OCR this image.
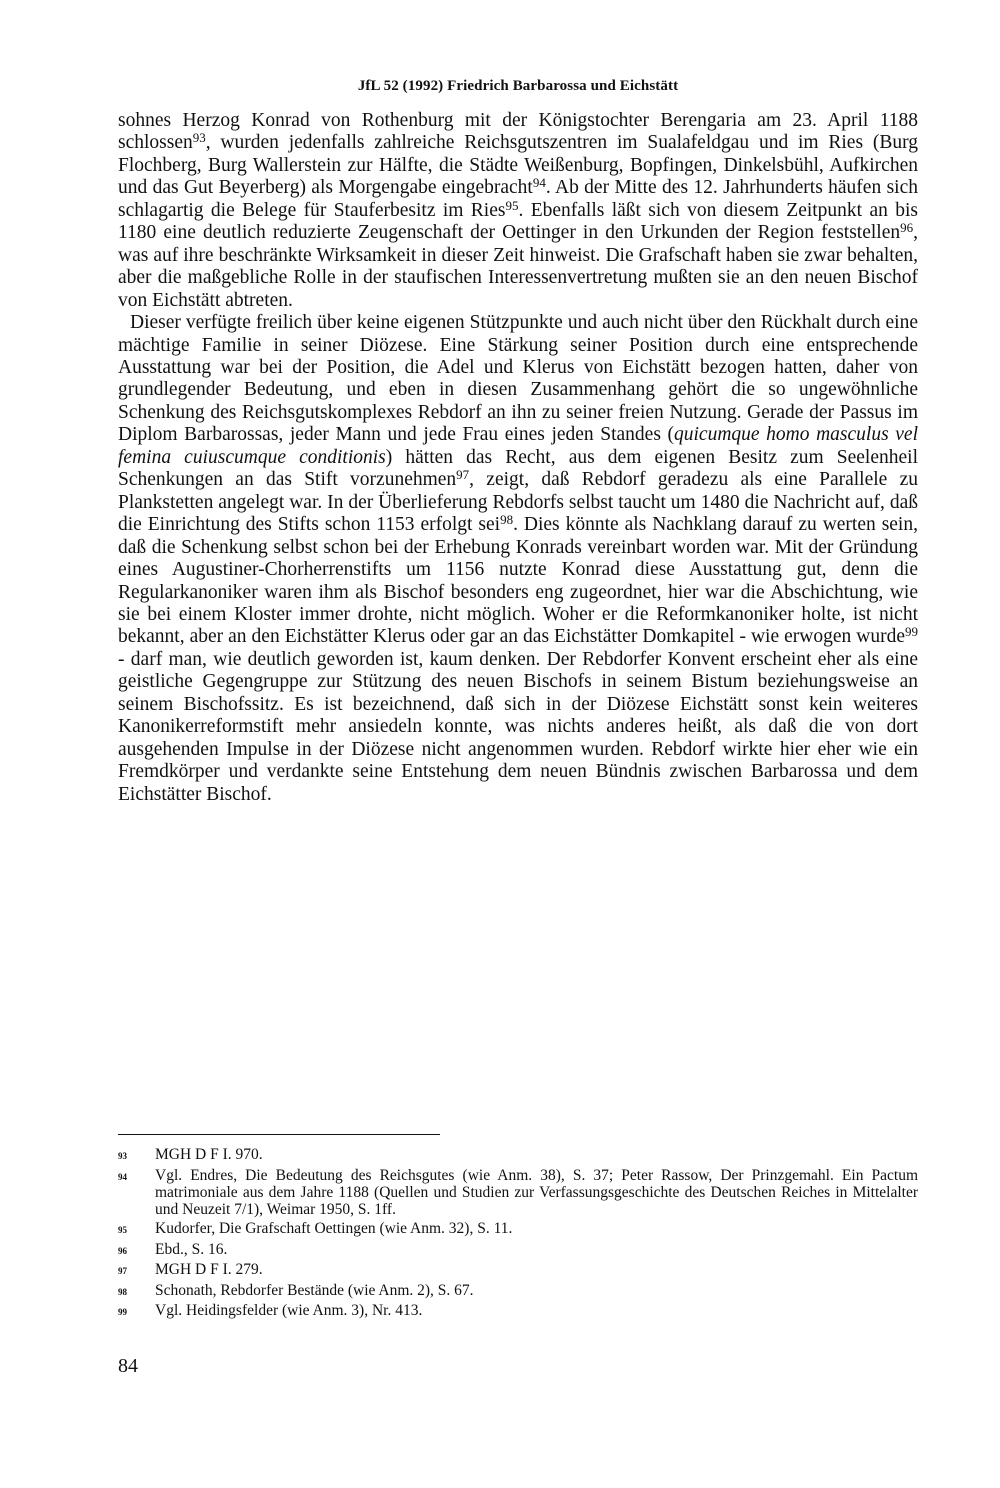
JfL 52 (1992) Friedrich Barbarossa und Eichstätt

sohnes Herzog Konrad von Rothenburg mit der Königstochter Berengaria am 23. April 1188 schlossen$^{93}$, wurden jedenfalls zahlreiche Reichsgutszentren im Sualafeldgau und im Ries (Burg Flochberg, Burg Wallerstein zur Hälfte, die Städte Weißenburg, Bopfingen, Dinkelsbühl, Aufkirchen und das Gut Beyerberg) als Morgengabe eingebracht$^{94}$. Ab der Mitte des 12. Jahrhunderts häufen sich schlagartig die Belege für Stauferbesitz im Ries$^{95}$. Ebenfalls läßt sich von diesem Zeitpunkt an bis 1180 eine deutlich reduzierte Zeugenschaft der Oettinger in den Urkunden der Region feststellen$^{96}$, was auf ihre beschränkte Wirksamkeit in dieser Zeit hinweist. Die Grafschaft haben sie zwar behalten, aber die maßgebliche Rolle in der staufischen Interessenvertretung mußten sie an den neuen Bischof von Eichstätt abtreten.

Dieser verfügte freilich über keine eigenen Stützpunkte und auch nicht über den Rückhalt durch eine mächtige Familie in seiner Diözese. Eine Stärkung seiner Position durch eine entsprechende Ausstattung war bei der Position, die Adel und Klerus von Eichstätt bezogen hatten, daher von grundlegender Bedeutung, und eben in diesen Zusammenhang gehört die so ungewöhnliche Schenkung des Reichsgutskomplexes Rebdorf an ihn zu seiner freien Nutzung. Gerade der Passus im Diplom Barbarossas, jeder Mann und jede Frau eines jeden Standes (quicumque homo masculus vel femina cuiuscumque conditionis) hätten das Recht, aus dem eigenen Besitz zum Seelenheil Schenkungen an das Stift vorzunehmen$^{97}$, zeigt, daß Rebdorf geradezu als eine Parallele zu Plankstetten angelegt war. In der Überlieferung Rebdorfs selbst taucht um 1480 die Nachricht auf, daß die Einrichtung des Stifts schon 1153 erfolgt sei$^{98}$. Dies könnte als Nachklang darauf zu werten sein, daß die Schenkung selbst schon bei der Erhebung Konrads vereinbart worden war. Mit der Gründung eines Augustiner-Chorherrenstifts um 1156 nutzte Konrad diese Ausstattung gut, denn die Regularkanoniker waren ihm als Bischof besonders eng zugeordnet, hier war die Abschichtung, wie sie bei einem Kloster immer drohte, nicht möglich. Woher er die Reformkanoniker holte, ist nicht bekannt, aber an den Eichstätter Klerus oder gar an das Eichstätter Domkapitel - wie erwogen wurde$^{99}$ - darf man, wie deutlich geworden ist, kaum denken. Der Rebdorfer Konvent erscheint eher als eine geistliche Gegengruppe zur Stützung des neuen Bischofs in seinem Bistum beziehungsweise an seinem Bischofssitz. Es ist bezeichnend, daß sich in der Diözese Eichstätt sonst kein weiteres Kanonikerreformstift mehr ansiedeln konnte, was nichts anderes heißt, als daß die von dort ausgehenden Impulse in der Diözese nicht angenommen wurden. Rebdorf wirkte hier eher wie ein Fremdkörper und verdankte seine Entstehung dem neuen Bündnis zwischen Barbarossa und dem Eichstätter Bischof.

93	MGH D F I. 970.
94	Vgl. Endres, Die Bedeutung des Reichsgutes (wie Anm. 38), S. 37; Peter Rassow, Der Prinzgemahl. Ein Pactum matrimoniale aus dem Jahre 1188 (Quellen und Studien zur Verfassungsgeschichte des Deutschen Reiches in Mittelalter und Neuzeit 7/1), Weimar 1950, S. 1ff.
95	Kudorfer, Die Grafschaft Oettingen (wie Anm. 32), S. 11.
96	Ebd., S. 16.
97	MGH D F I. 279.
98	Schonath, Rebdorfer Bestände (wie Anm. 2), S. 67.
99	Vgl. Heidingsfelder (wie Anm. 3), Nr. 413.
84
